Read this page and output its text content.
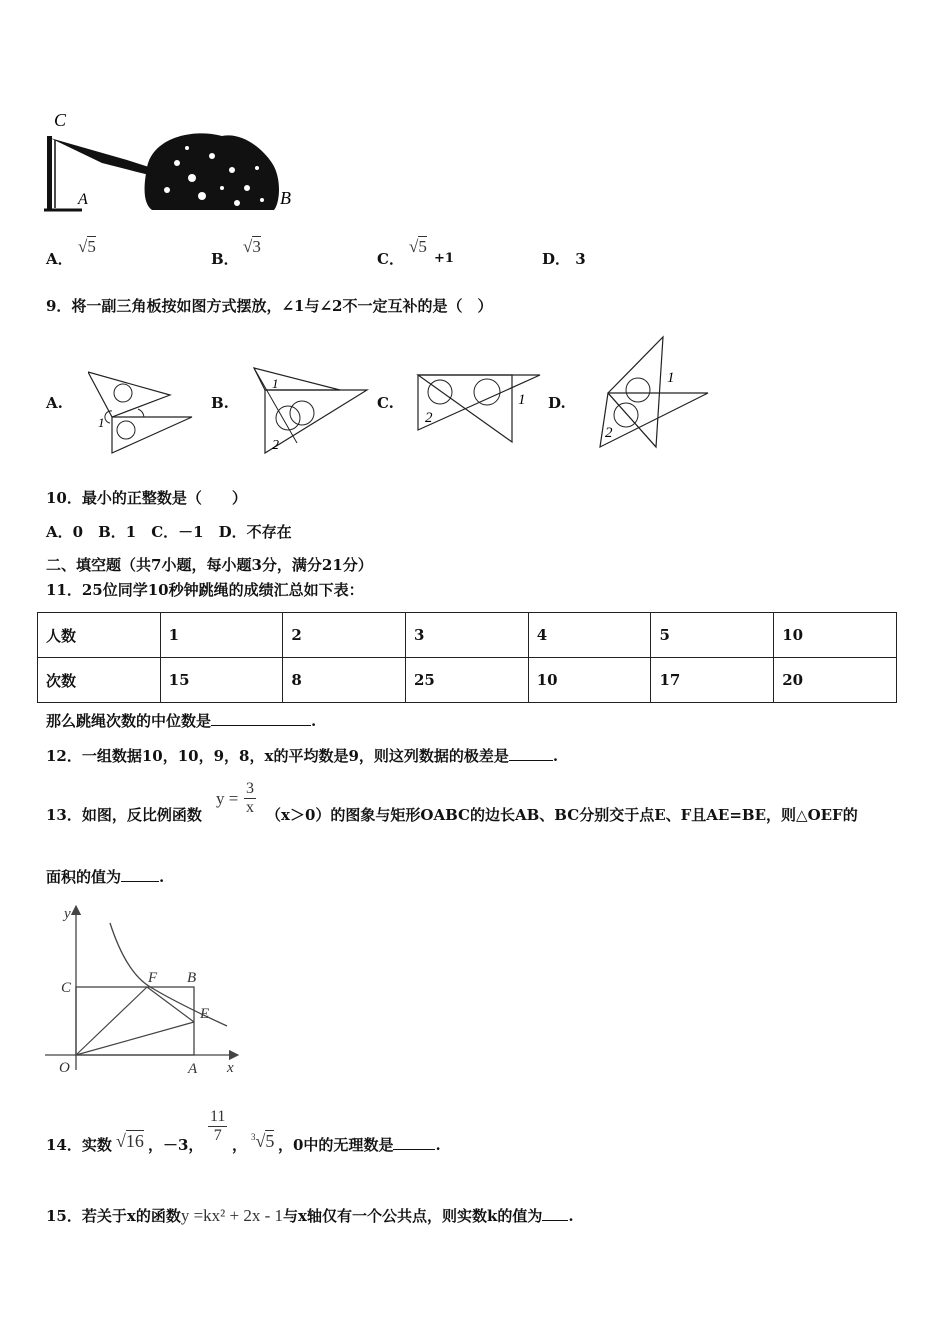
C
A	B
A．
√5
B．
√3
C．
√5
+1	D． 3
9．将一副三角板按如图方式摆放，∠1与∠2不一定互补的是（　）
A.
1
B.
1
2
C.	1
2
D.
1
2
10．最小的正整数是（　　）
A．0　B．1　C．－1　D．不存在
二、填空题（共7小题，每小题3分，满分21分）
11．25位同学10秒钟跳绳的成绩汇总如下表：
人数	1	2	3	4	5	10
次数	15	8	25	10	17	20
那么跳绳次数的中位数是	.
12．一组数据10，10，9，8，x的平均数是9，则这列数据的极差是	.
13．如图，反比例函数
$y = \frac{3}{x} (x>0)$的图象与矩形OABC的边长AB、BC分别交于点E、F且AE=BE，则△OEF的
面积的值为	.
y
x
O	A
B
C
E
F
14．实数 √16 ，－3， $\frac{11}{7}$ ， $^3$√5 ，0中的无理数是	.
15．若关于x的函数y =kx² + 2x - 1与x轴仅有一个公共点，则实数k的值为 .
